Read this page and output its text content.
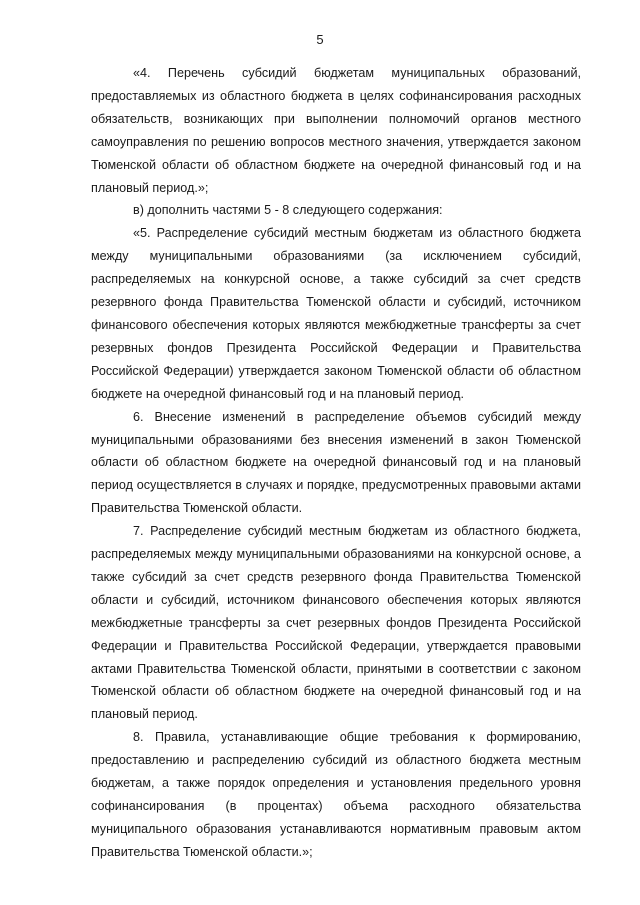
5

«4. Перечень субсидий бюджетам муниципальных образований, предоставляемых из областного бюджета в целях софинансирования расходных обязательств, возникающих при выполнении полномочий органов местного самоуправления по решению вопросов местного значения, утверждается законом Тюменской области об областном бюджете на очередной финансовый год и на плановый период.»;

в) дополнить частями 5 - 8 следующего содержания:

«5. Распределение субсидий местным бюджетам из областного бюджета между муниципальными образованиями (за исключением субсидий, распределяемых на конкурсной основе, а также субсидий за счет средств резервного фонда Правительства Тюменской области и субсидий, источником финансового обеспечения которых являются межбюджетные трансферты за счет резервных фондов Президента Российской Федерации и Правительства Российской Федерации) утверждается законом Тюменской области об областном бюджете на очередной финансовый год и на плановый период.

6. Внесение изменений в распределение объемов субсидий между муниципальными образованиями без внесения изменений в закон Тюменской области об областном бюджете на очередной финансовый год и на плановый период осуществляется в случаях и порядке, предусмотренных правовыми актами Правительства Тюменской области.

7. Распределение субсидий местным бюджетам из областного бюджета, распределяемых между муниципальными образованиями на конкурсной основе, а также субсидий за счет средств резервного фонда Правительства Тюменской области и субсидий, источником финансового обеспечения которых являются межбюджетные трансферты за счет резервных фондов Президента Российской Федерации и Правительства Российской Федерации, утверждается правовыми актами Правительства Тюменской области, принятыми в соответствии с законом Тюменской области об областном бюджете на очередной финансовый год и на плановый период.

8. Правила, устанавливающие общие требования к формированию, предоставлению и распределению субсидий из областного бюджета местным бюджетам, а также порядок определения и установления предельного уровня софинансирования (в процентах) объема расходного обязательства муниципального образования устанавливаются нормативным правовым актом Правительства Тюменской области.»;
